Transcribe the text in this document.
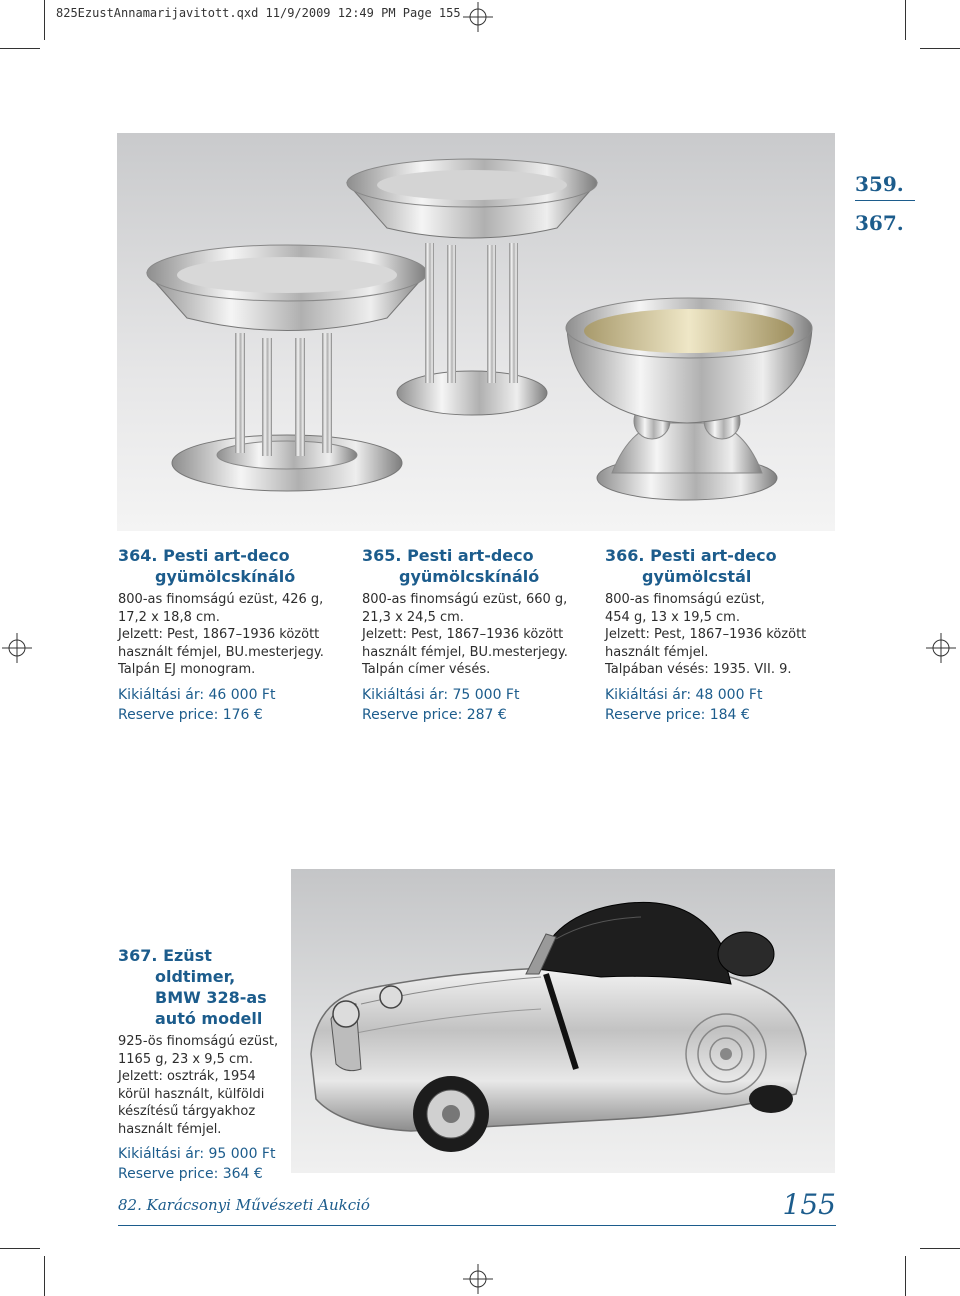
825EzustAnnamarijavitott.qxd 11/9/2009 12:49 PM Page 155
359.
367.
364. Pesti art-deco
gyümölcskínáló
800-as finomságú ezüst, 426 g,
17,2 x 18,8 cm.
Jelzett: Pest, 1867–1936 között
használt fémjel, BU.mesterjegy.
Talpán EJ monogram.
Kikiáltási ár: 46 000 Ft
Reserve price: 176 €
365. Pesti art-deco
gyümölcskínáló
800-as finomságú ezüst, 660 g,
21,3 x 24,5 cm.
Jelzett: Pest, 1867–1936 között
használt fémjel, BU.mesterjegy.
Talpán címer vésés.
Kikiáltási ár: 75 000 Ft
Reserve price: 287 €
366. Pesti art-deco
gyümölcstál
800-as finomságú ezüst,
454 g, 13 x 19,5 cm.
Jelzett: Pest, 1867–1936 között
használt fémjel.
Talpában vésés: 1935. VII. 9.
Kikiáltási ár: 48 000 Ft
Reserve price: 184 €
367. Ezüst
oldtimer,
BMW 328-as
autó modell
925-ös finomságú ezüst,
1165 g, 23 x 9,5 cm.
Jelzett: osztrák, 1954
körül használt, külföldi
készítésű tárgyakhoz
használt fémjel.
Kikiáltási ár: 95 000 Ft
Reserve price: 364 €
82. Karácsonyi Művészeti Aukció	155
